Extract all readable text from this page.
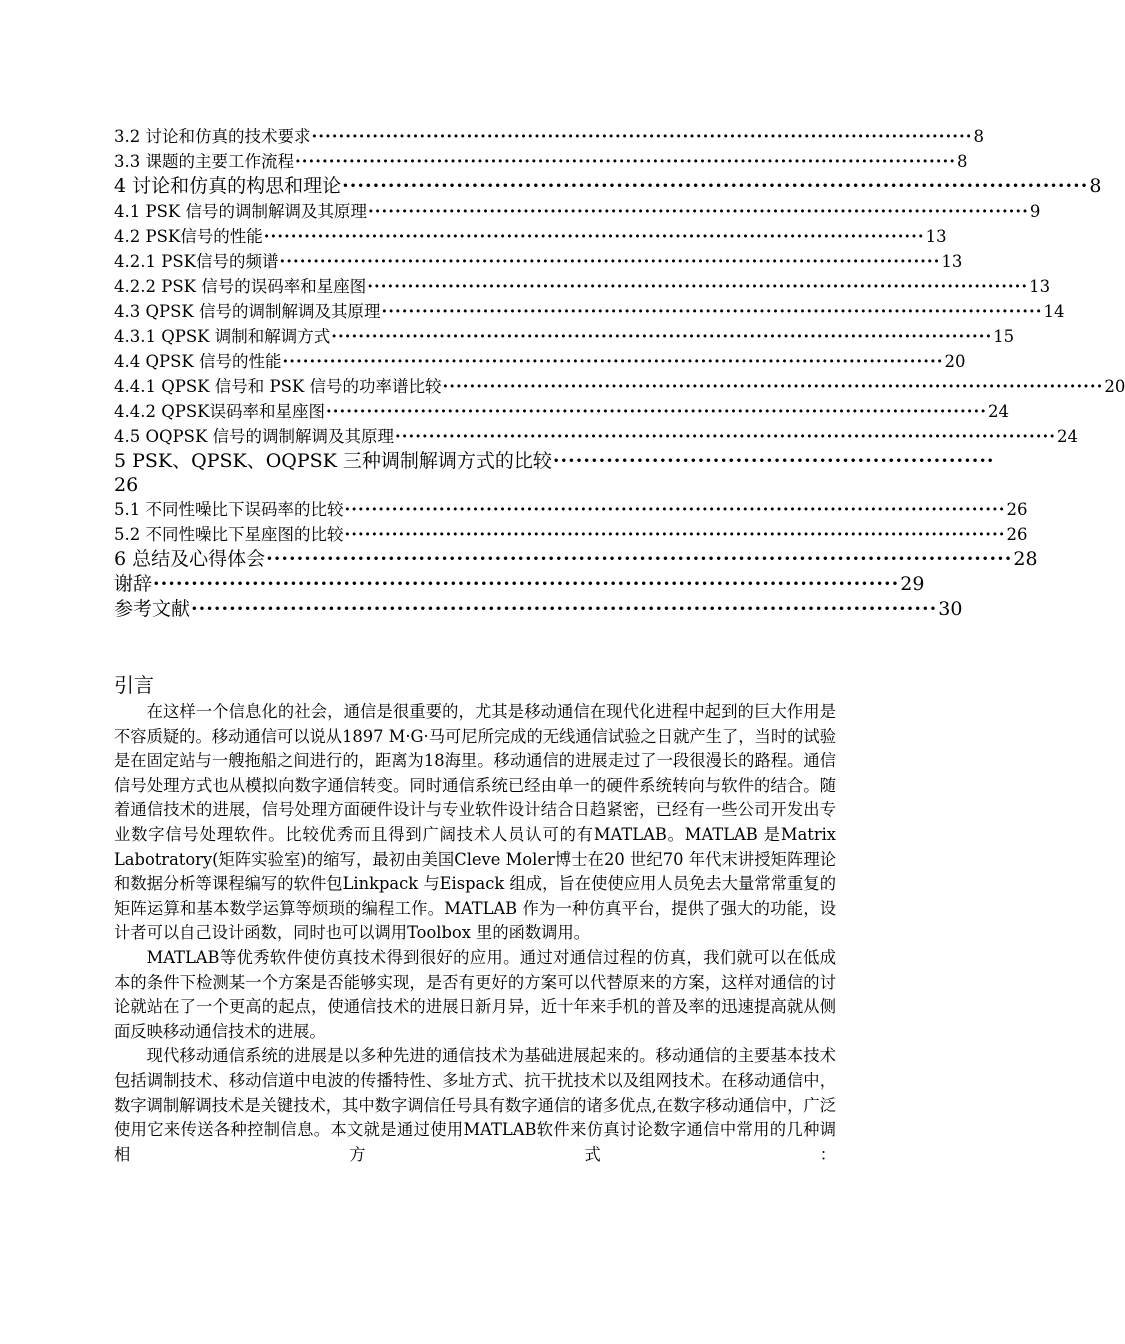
3.2 讨论和仿真的技术要求 ·································································································· 8
3.3 课题的主要工作流程 ·································································································· 8
4 讨论和仿真的构思和理论 ·································································································· 8
4.1 PSK 信号的调制解调及其原理 ·································································································· 9
4.2 PSK信号的性能 ·································································································· 13
4.2.1 PSK信号的频谱 ·································································································· 13
4.2.2 PSK 信号的误码率和星座图 ·································································································· 13
4.3 QPSK 信号的调制解调及其原理 ·································································································· 14
4.3.1 QPSK 调制和解调方式 ·································································································· 15
4.4 QPSK 信号的性能 ·································································································· 20
4.4.1 QPSK 信号和 PSK 信号的功率谱比较 ·································································································· 20
4.4.2 QPSK误码率和星座图 ·································································································· 24
4.5 OQPSK 信号的调制解调及其原理 ·································································································· 24
5 PSK、QPSK、OQPSK 三种调制解调方式的比较 ··························································
26
5.1 不同性噪比下误码率的比较 ·································································································· 26
5.2 不同性噪比下星座图的比较 ·································································································· 26
6 总结及心得体会 ·································································································· 28
谢辞 ·································································································· 29
参考文献 ·································································································· 30
引言

在这样一个信息化的社会，通信是很重要的，尤其是移动通信在现代化进程中起到的巨大作用是不容质疑的。移动通信可以说从1897 M·G·马可尼所完成的无线通信试验之日就产生了，当时的试验是在固定站与一艘拖船之间进行的，距离为18海里。移动通信的进展走过了一段很漫长的路程。通信信号处理方式也从模拟向数字通信转变。同时通信系统已经由单一的硬件系统转向与软件的结合。随着通信技术的进展，信号处理方面硬件设计与专业软件设计结合日趋紧密，已经有一些公司开发出专业数字信号处理软件。比较优秀而且得到广阔技术人员认可的有MATLAB。MATLAB 是Matrix Labotratory(矩阵实验室)的缩写，最初由美国Cleve Moler博士在20 世纪70 年代末讲授矩阵理论和数据分析等课程编写的软件包Linkpack 与Eispack 组成，旨在使使应用人员免去大量常常重复的矩阵运算和基本数学运算等烦琐的编程工作。MATLAB 作为一种仿真平台，提供了强大的功能，设计者可以自己设计函数，同时也可以调用Toolbox 里的函数调用。

MATLAB等优秀软件使仿真技术得到很好的应用。通过对通信过程的仿真，我们就可以在低成本的条件下检测某一个方案是否能够实现，是否有更好的方案可以代替原来的方案，这样对通信的讨论就站在了一个更高的起点，使通信技术的进展日新月异，近十年来手机的普及率的迅速提高就从侧面反映移动通信技术的进展。

现代移动通信系统的进展是以多种先进的通信技术为基础进展起来的。移动通信的主要基本技术包括调制技术、移动信道中电波的传播特性、多址方式、抗干扰技术以及组网技术。在移动通信中，数字调制解调技术是关键技术，其中数字调信任号具有数字通信的诸多优点,在数字移动通信中，广泛使用它来传送各种控制信息。本文就是通过使用MATLAB软件来仿真讨论数字通信中常用的几种调相方式：
